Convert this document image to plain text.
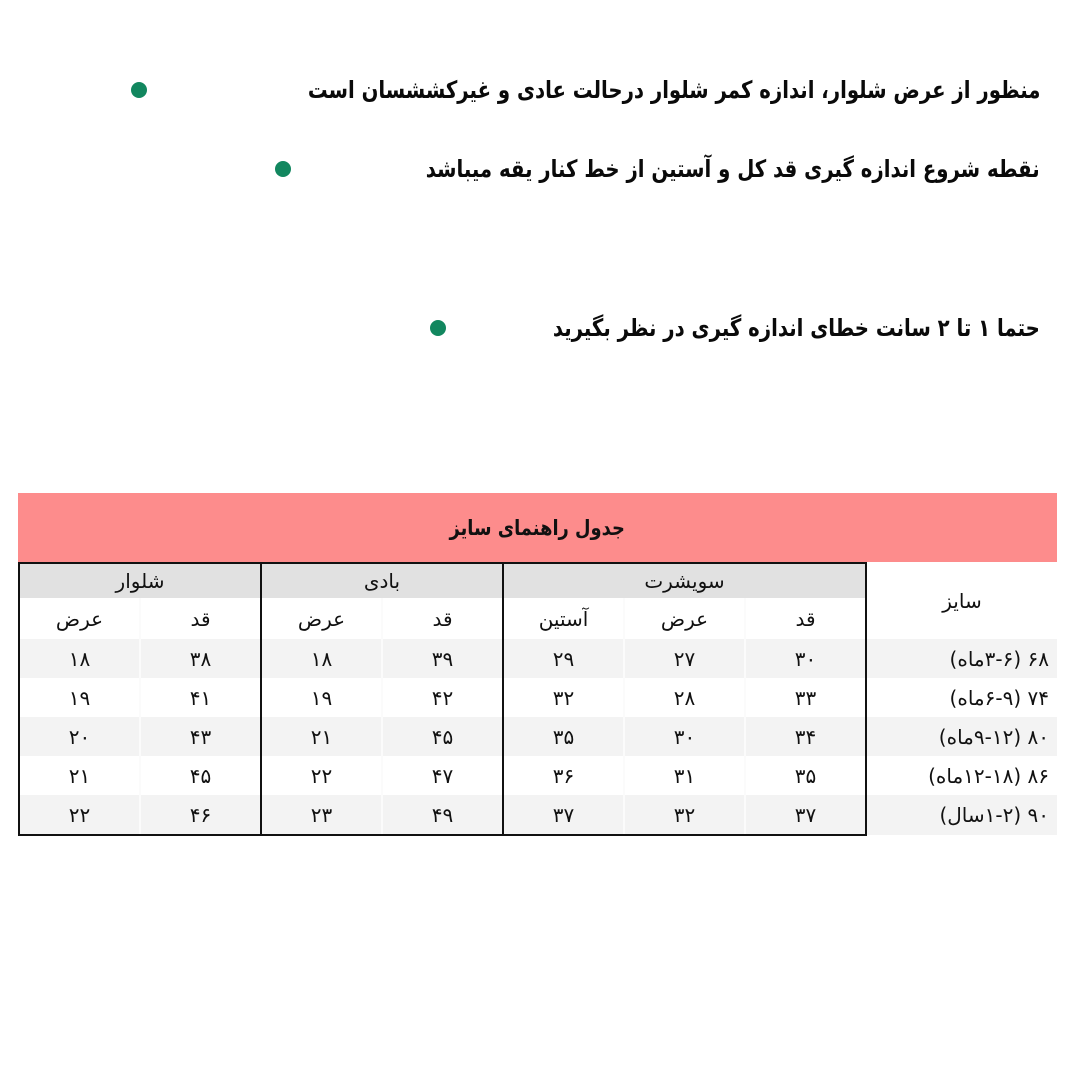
منظور از عرض شلوار، اندازه کمر شلوار درحالت عادی و غیرکششسان است
نقطه شروع اندازه گیری قد کل و آستین از خط کنار یقه میباشد
حتما ۱ تا ۲ سانت خطای اندازه گیری در نظر بگیرید
جدول راهنمای سایز
سایز	سویشرت			بادی		شلوار	
	قد	عرض	آستین	قد	عرض	قد	عرض
۶۸ (۳-۶ماه)	۳۰	۲۷	۲۹	۳۹	۱۸	۳۸	۱۸
۷۴ (۶-۹ماه)	۳۳	۲۸	۳۲	۴۲	۱۹	۴۱	۱۹
۸۰ (۹-۱۲ماه)	۳۴	۳۰	۳۵	۴۵	۲۱	۴۳	۲۰
۸۶ (۱۲-۱۸ماه)	۳۵	۳۱	۳۶	۴۷	۲۲	۴۵	۲۱
۹۰ (۱-۲سال)	۳۷	۳۲	۳۷	۴۹	۲۳	۴۶	۲۲
